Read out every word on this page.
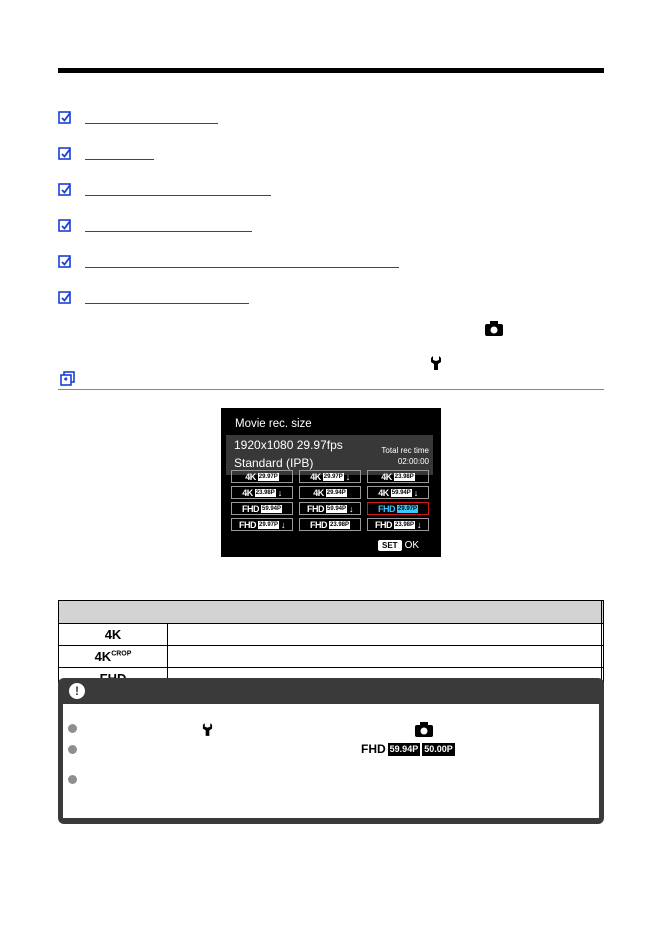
Movie rec. size
1920x1080 29.97fps
Standard (IPB)
Total rec time
02:00:00
4K 29.97P	4K 29.97P ↓	4K 23.98P
4K 23.98P ↓	4K 29.94P	4K 59.94P ↓
FHD 59.94P	FHD 59.94P ↓	FHD 29.97P
FHD 29.97P ↓	FHD 23.98P	FHD 23.98P ↓
SET OK

4K		
$4K^{CROP}$		

!
FHD 59.94P 50.00P
